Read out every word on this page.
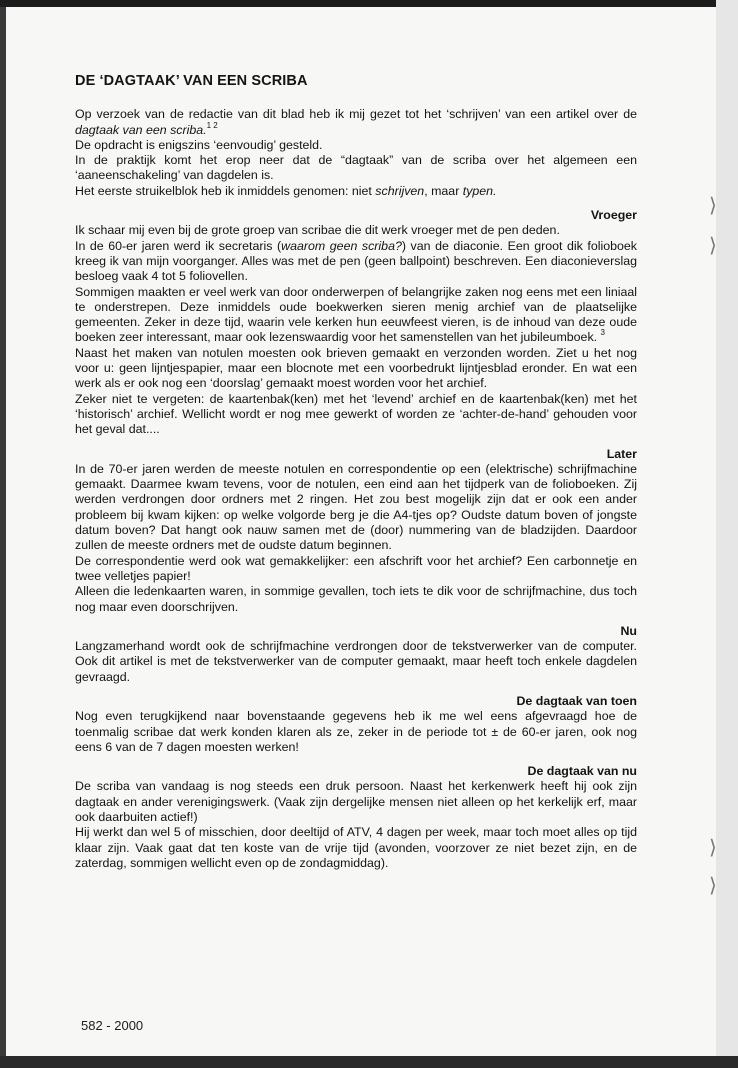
⟩
⟩
⟩
⟩
DE ‘DAGTAAK’ VAN EEN SCRIBA

Op verzoek van de redactie van dit blad heb ik mij gezet tot het ‘schrijven’ van een artikel over de dagtaak van een scriba.$^{1 2}$

De opdracht is enigszins ‘eenvoudig’ gesteld.

In de praktijk komt het erop neer dat de “dagtaak” van de scriba over het algemeen een ‘aaneenschakeling’ van dagdelen is.

Het eerste struikelblok heb ik inmiddels genomen: niet schrijven, maar typen.

Vroeger

Ik schaar mij even bij de grote groep van scribae die dit werk vroeger met de pen deden.

In de 60-er jaren werd ik secretaris (waarom geen scriba?) van de diaconie. Een groot dik folioboek kreeg ik van mijn voorganger. Alles was met de pen (geen ballpoint) beschreven. Een diaconieverslag besloeg vaak 4 tot 5 foliovellen.

Sommigen maakten er veel werk van door onderwerpen of belangrijke zaken nog eens met een liniaal te onderstrepen. Deze inmiddels oude boekwerken sieren menig archief van de plaatselijke gemeenten. Zeker in deze tijd, waarin vele kerken hun eeuwfeest vieren, is de inhoud van deze oude boeken zeer interessant, maar ook lezenswaardig voor het samenstellen van het jubileumboek. $^3$

Naast het maken van notulen moesten ook brieven gemaakt en verzonden worden. Ziet u het nog voor u: geen lijntjespapier, maar een blocnote met een voorbedrukt lijntjesblad eronder. En wat een werk als er ook nog een ‘doorslag’ gemaakt moest worden voor het archief.

Zeker niet te vergeten: de kaartenbak(ken) met het ‘levend’ archief en de kaartenbak(ken) met het ‘historisch’ archief. Wellicht wordt er nog mee gewerkt of worden ze ‘achter-de-hand’ gehouden voor het geval dat....

Later

In de 70-er jaren werden de meeste notulen en correspondentie op een (elektrische) schrijfmachine gemaakt. Daarmee kwam tevens, voor de notulen, een eind aan het tijdperk van de folioboeken. Zij werden verdrongen door ordners met 2 ringen. Het zou best mogelijk zijn dat er ook een ander probleem bij kwam kijken: op welke volgorde berg je die A4-tjes op? Oudste datum boven of jongste datum boven? Dat hangt ook nauw samen met de (door) nummering van de bladzijden. Daardoor zullen de meeste ordners met de oudste datum beginnen.

De correspondentie werd ook wat gemakkelijker: een afschrift voor het archief? Een carbonnetje en twee velletjes papier!

Alleen die ledenkaarten waren, in sommige gevallen, toch iets te dik voor de schrijfmachine, dus toch nog maar even doorschrijven.

Nu

Langzamerhand wordt ook de schrijfmachine verdrongen door de tekstverwerker van de computer. Ook dit artikel is met de tekstverwerker van de computer gemaakt, maar heeft toch enkele dagdelen gevraagd.

De dagtaak van toen

Nog even terugkijkend naar bovenstaande gegevens heb ik me wel eens afgevraagd hoe de toenmalig scribae dat werk konden klaren als ze, zeker in de periode tot ± de 60-er jaren, ook nog eens 6 van de 7 dagen moesten werken!

De dagtaak van nu

De scriba van vandaag is nog steeds een druk persoon. Naast het kerkenwerk heeft hij ook zijn dagtaak en ander verenigingswerk. (Vaak zijn dergelijke mensen niet alleen op het kerkelijk erf, maar ook daarbuiten actief!)

Hij werkt dan wel 5 of misschien, door deeltijd of ATV, 4 dagen per week, maar toch moet alles op tijd klaar zijn. Vaak gaat dat ten koste van de vrije tijd (avonden, voorzover ze niet bezet zijn, en de zaterdag, sommigen wellicht even op de zondagmiddag).

582 - 2000
